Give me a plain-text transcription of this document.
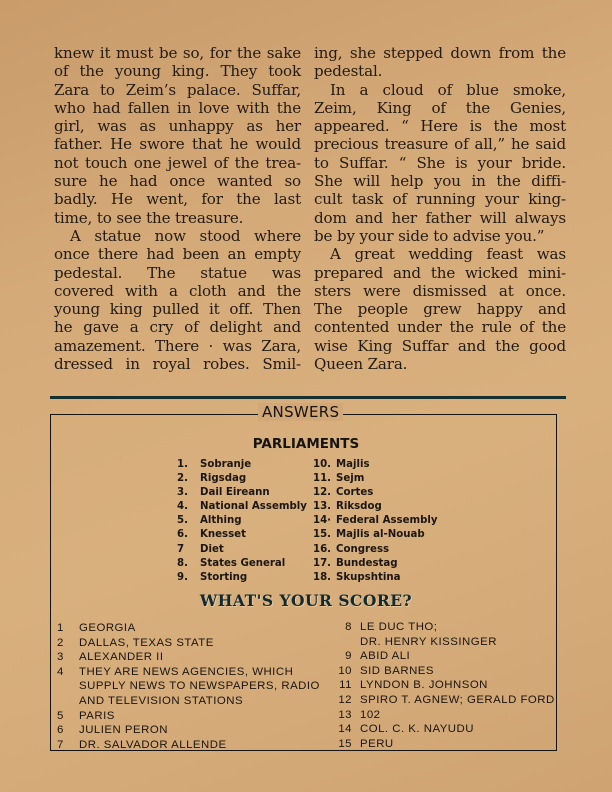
knew it must be so, for the sake
of the young king. They took
Zara to Zeim’s palace. Suffar,
who had fallen in love with the
girl, was as unhappy as her
father. He swore that he would
not touch one jewel of the trea-
sure he had once wanted so
badly. He went, for the last
time, to see the treasure.
A statue now stood where
once there had been an empty
pedestal. The statue was
covered with a cloth and the
young king pulled it off. Then
he gave a cry of delight and
amazement. There · was Zara,
dressed in royal robes. Smil-
ing, she stepped down from the
pedestal.
In a cloud of blue smoke,
Zeim, King of the Genies,
appeared. “ Here is the most
precious treasure of all,” he said
to Suffar. “ She is your bride.
She will help you in the diffi-
cult task of running your king-
dom and her father will always
be by your side to advise you.”
A great wedding feast was
prepared and the wicked mini-
sters were dismissed at once.
The people grew happy and
contented under the rule of the
wise King Suffar and the good
Queen Zara.
ANSWERS
PARLIAMENTS
1.	Sobranje
2.	Rigsdag
3.	Dail Eireann
4.	National Assembly
5.	Althing
6.	Knesset
7	Diet
8.	States General
9.	Storting
10. Majlis
11. Sejm
12. Cortes
13. Riksdog
14· Federal Assembly
15. Majlis al-Nouab
16. Congress
17. Bundestag
18. Skupshtina
WHAT'S YOUR SCORE?
1	GEORGIA
2	DALLAS, TEXAS STATE
3	ALEXANDER II
4	THEY ARE NEWS AGENCIES, WHICH
SUPPLY NEWS TO NEWSPAPERS, RADIO
AND TELEVISION STATIONS
5	PARIS
6	JULIEN PERON
7	DR. SALVADOR ALLENDE
8 LE DUC THO;
DR. HENRY KISSINGER
9 ABID ALI
10 SID BARNES
11 LYNDON B. JOHNSON
12 SPIRO T. AGNEW; GERALD FORD
13 102
14 COL. C. K. NAYUDU
15 PERU
